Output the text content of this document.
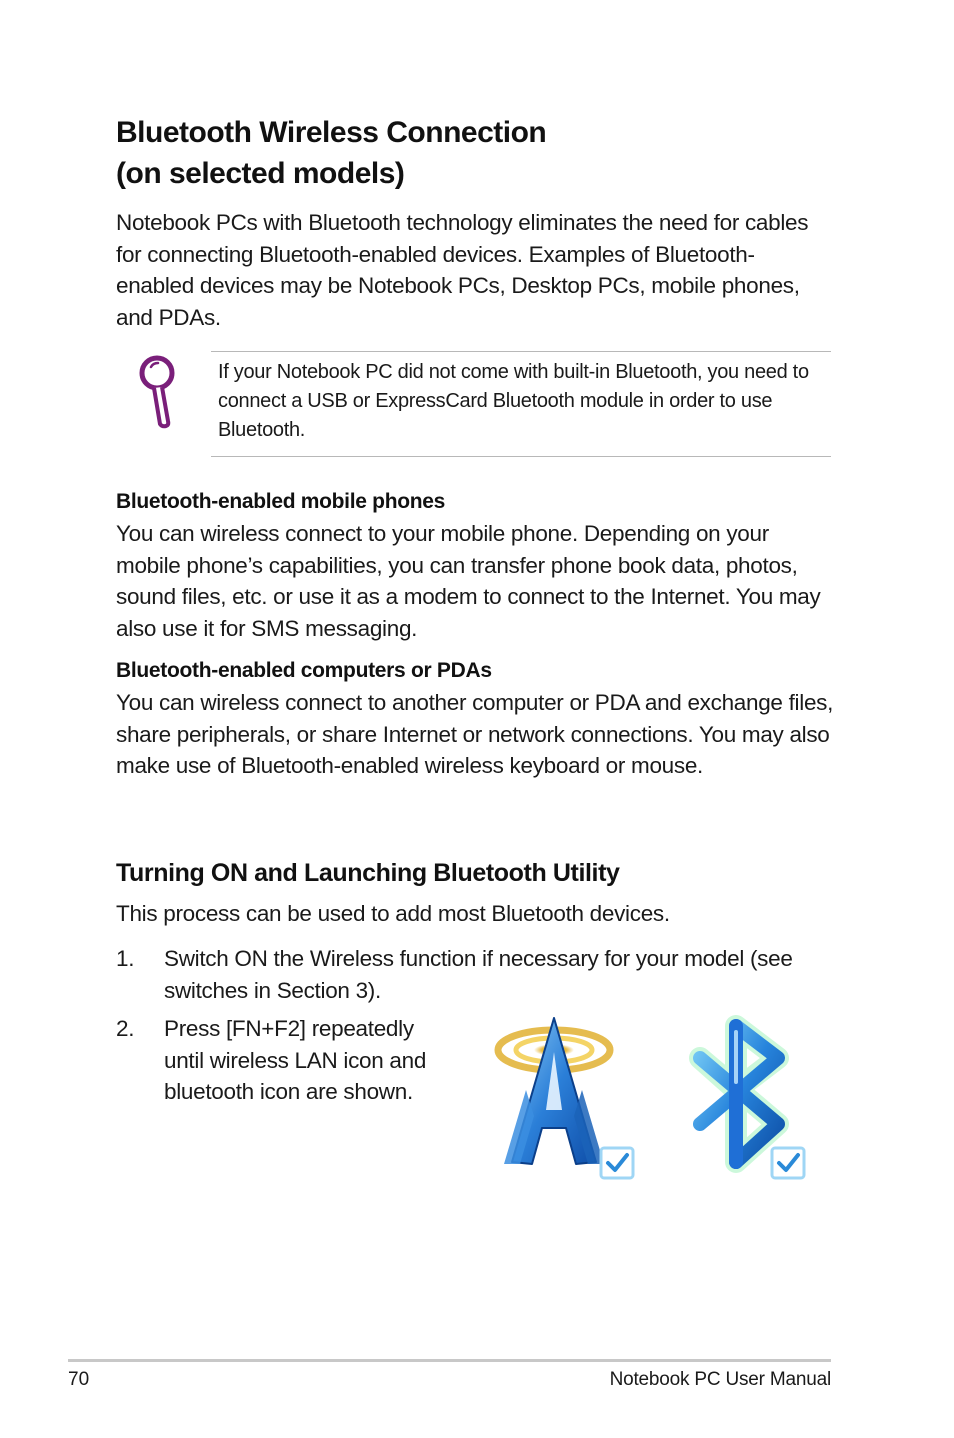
Bluetooth Wireless Connection
(on selected models)

Notebook PCs with Bluetooth technology eliminates the need for cables for connecting Bluetooth-enabled devices. Examples of Bluetooth-enabled devices may be Notebook PCs, Desktop PCs, mobile phones, and PDAs.

If your Notebook PC did not come with built-in Bluetooth, you need to connect a USB or ExpressCard Bluetooth module in order to use Bluetooth.

Bluetooth-enabled mobile phones

You can wireless connect to your mobile phone. Depending on your mobile phone’s capabilities, you can transfer phone book data, photos, sound files, etc. or use it as a modem to connect to the Internet. You may also use it for SMS messaging.

Bluetooth-enabled computers or PDAs

You can wireless connect to another computer or PDA and exchange files, share peripherals, or share Internet or network connections. You may also make use of Bluetooth-enabled wireless keyboard or mouse.

Turning ON and Launching Bluetooth Utility

This process can be used to add most Bluetooth devices.

1. Switch ON the Wireless function if necessary for your model (see switches in Section 3).

2. Press [FN+F2] repeatedly until wireless LAN icon and bluetooth icon are shown.

70	Notebook PC User Manual
